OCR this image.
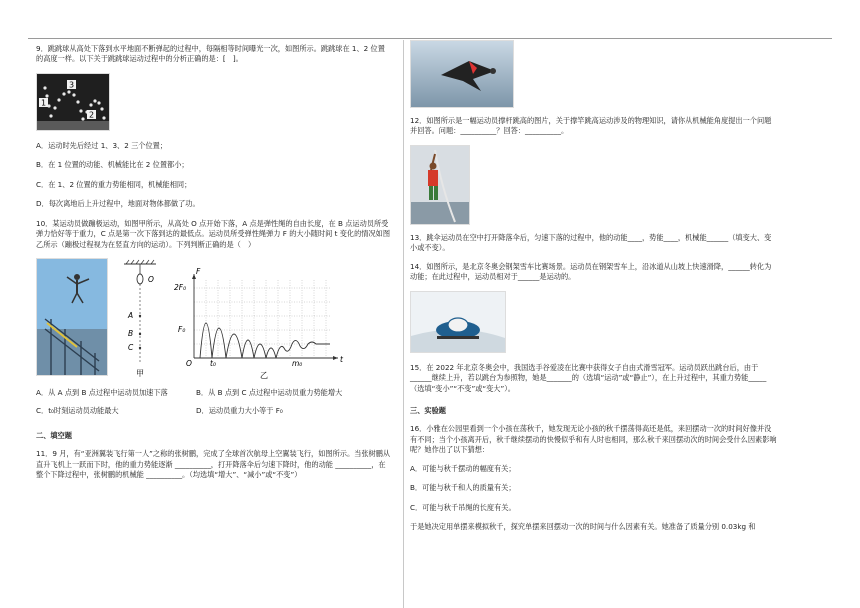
9．跳跳球从高处下落到水平地面不断弹起的过程中，每隔相等时间曝光一次，如图所示。跳跳球在 1、2 位置的高度一样。以下关于跳跳球运动过程中的分析正确的是：[　]。

3
1
2
A．运动时先后经过 1、3、2 三个位置；
B．在 1 位置的动能、机械能比在 2 位置都小；
C．在 1、2 位置的重力势能相同，机械能相同；
D．每次离地后上升过程中，地面对物体都做了功。

10．某运动员做蹦极运动，如图甲所示，从高处 O 点开始下落，A 点是弹性绳的自由长度，在 B 点运动员所受弹力恰好等于重力，C 点是第一次下落到达的最低点。运动员所受弹性绳弹力 F 的大小随时间 t 变化的情况如图乙所示（蹦极过程视为在竖直方向的运动）。下列判断正确的是（　）

O
A
B
C
甲
F
2F₀
F₀
O t₀	m₀	t
乙
A．从 A 点到 B 点过程中运动员加速下落	B．从 B 点到 C 点过程中运动员重力势能增大
C．t₀时刻运动员动能最大	D．运动员重力大小等于 F₀
二、填空题

11．9 月，有“亚洲翼装飞行第一人”之称的张树鹏，完成了全球首次航母上空翼装飞行，如图所示。当张树鹏从直升飞机上一跃而下时，他的重力势能逐渐 __________，打开降落伞后匀速下降时，他的动能 __________，在整个下降过程中，张树鹏的机械能 __________。（均选填“增大”、“减小”或“不变”）

12．如图所示是一幅运动员撑杆跳高的图片，关于撑竿跳高运动涉及的物理知识，请你从机械能角度提出一个问题并回答。问题：__________？回答：__________。

13．跳伞运动员在空中打开降落伞后，匀速下落的过程中，他的动能____，势能____，机械能______（填变大、变小或不变）。

14．如图所示，是北京冬奥会钢架雪车比赛场景。运动员在钢架雪车上，沿冰道从山坡上快速滑降，______转化为动能；在此过程中，运动员相对于______是运动的。

15．在 2022 年北京冬奥会中，我国选手谷爱凌在比赛中获得女子自由式滑雪冠军。运动员跃出跳台后，由于______继续上升，若以跳台为参照物，她是_______的（选填“运动”或“静止”），在上升过程中，其重力势能_____（选填“变小”“不变”或“变大”）。

三、实验题

16．小雅在公园里看到一个小孩在荡秋千，她发现无论小孩的秋千摆荡得高还是低，来回摆动一次的时间好像并没有不同；当个小孩离开后，秋千继续摆动的快慢似乎和有人时也相同，那么秋千来回摆动次的时间会受什么因素影响呢？她作出了以下猜想：

A．可能与秋千摆动的幅度有关；
B．可能与秋千和人的质量有关；
C．可能与秋千吊绳的长度有关。

于是她决定用单摆来模拟秋千，探究单摆来回摆动一次的时间与什么因素有关。她准备了质量分别 0.03kg 和
